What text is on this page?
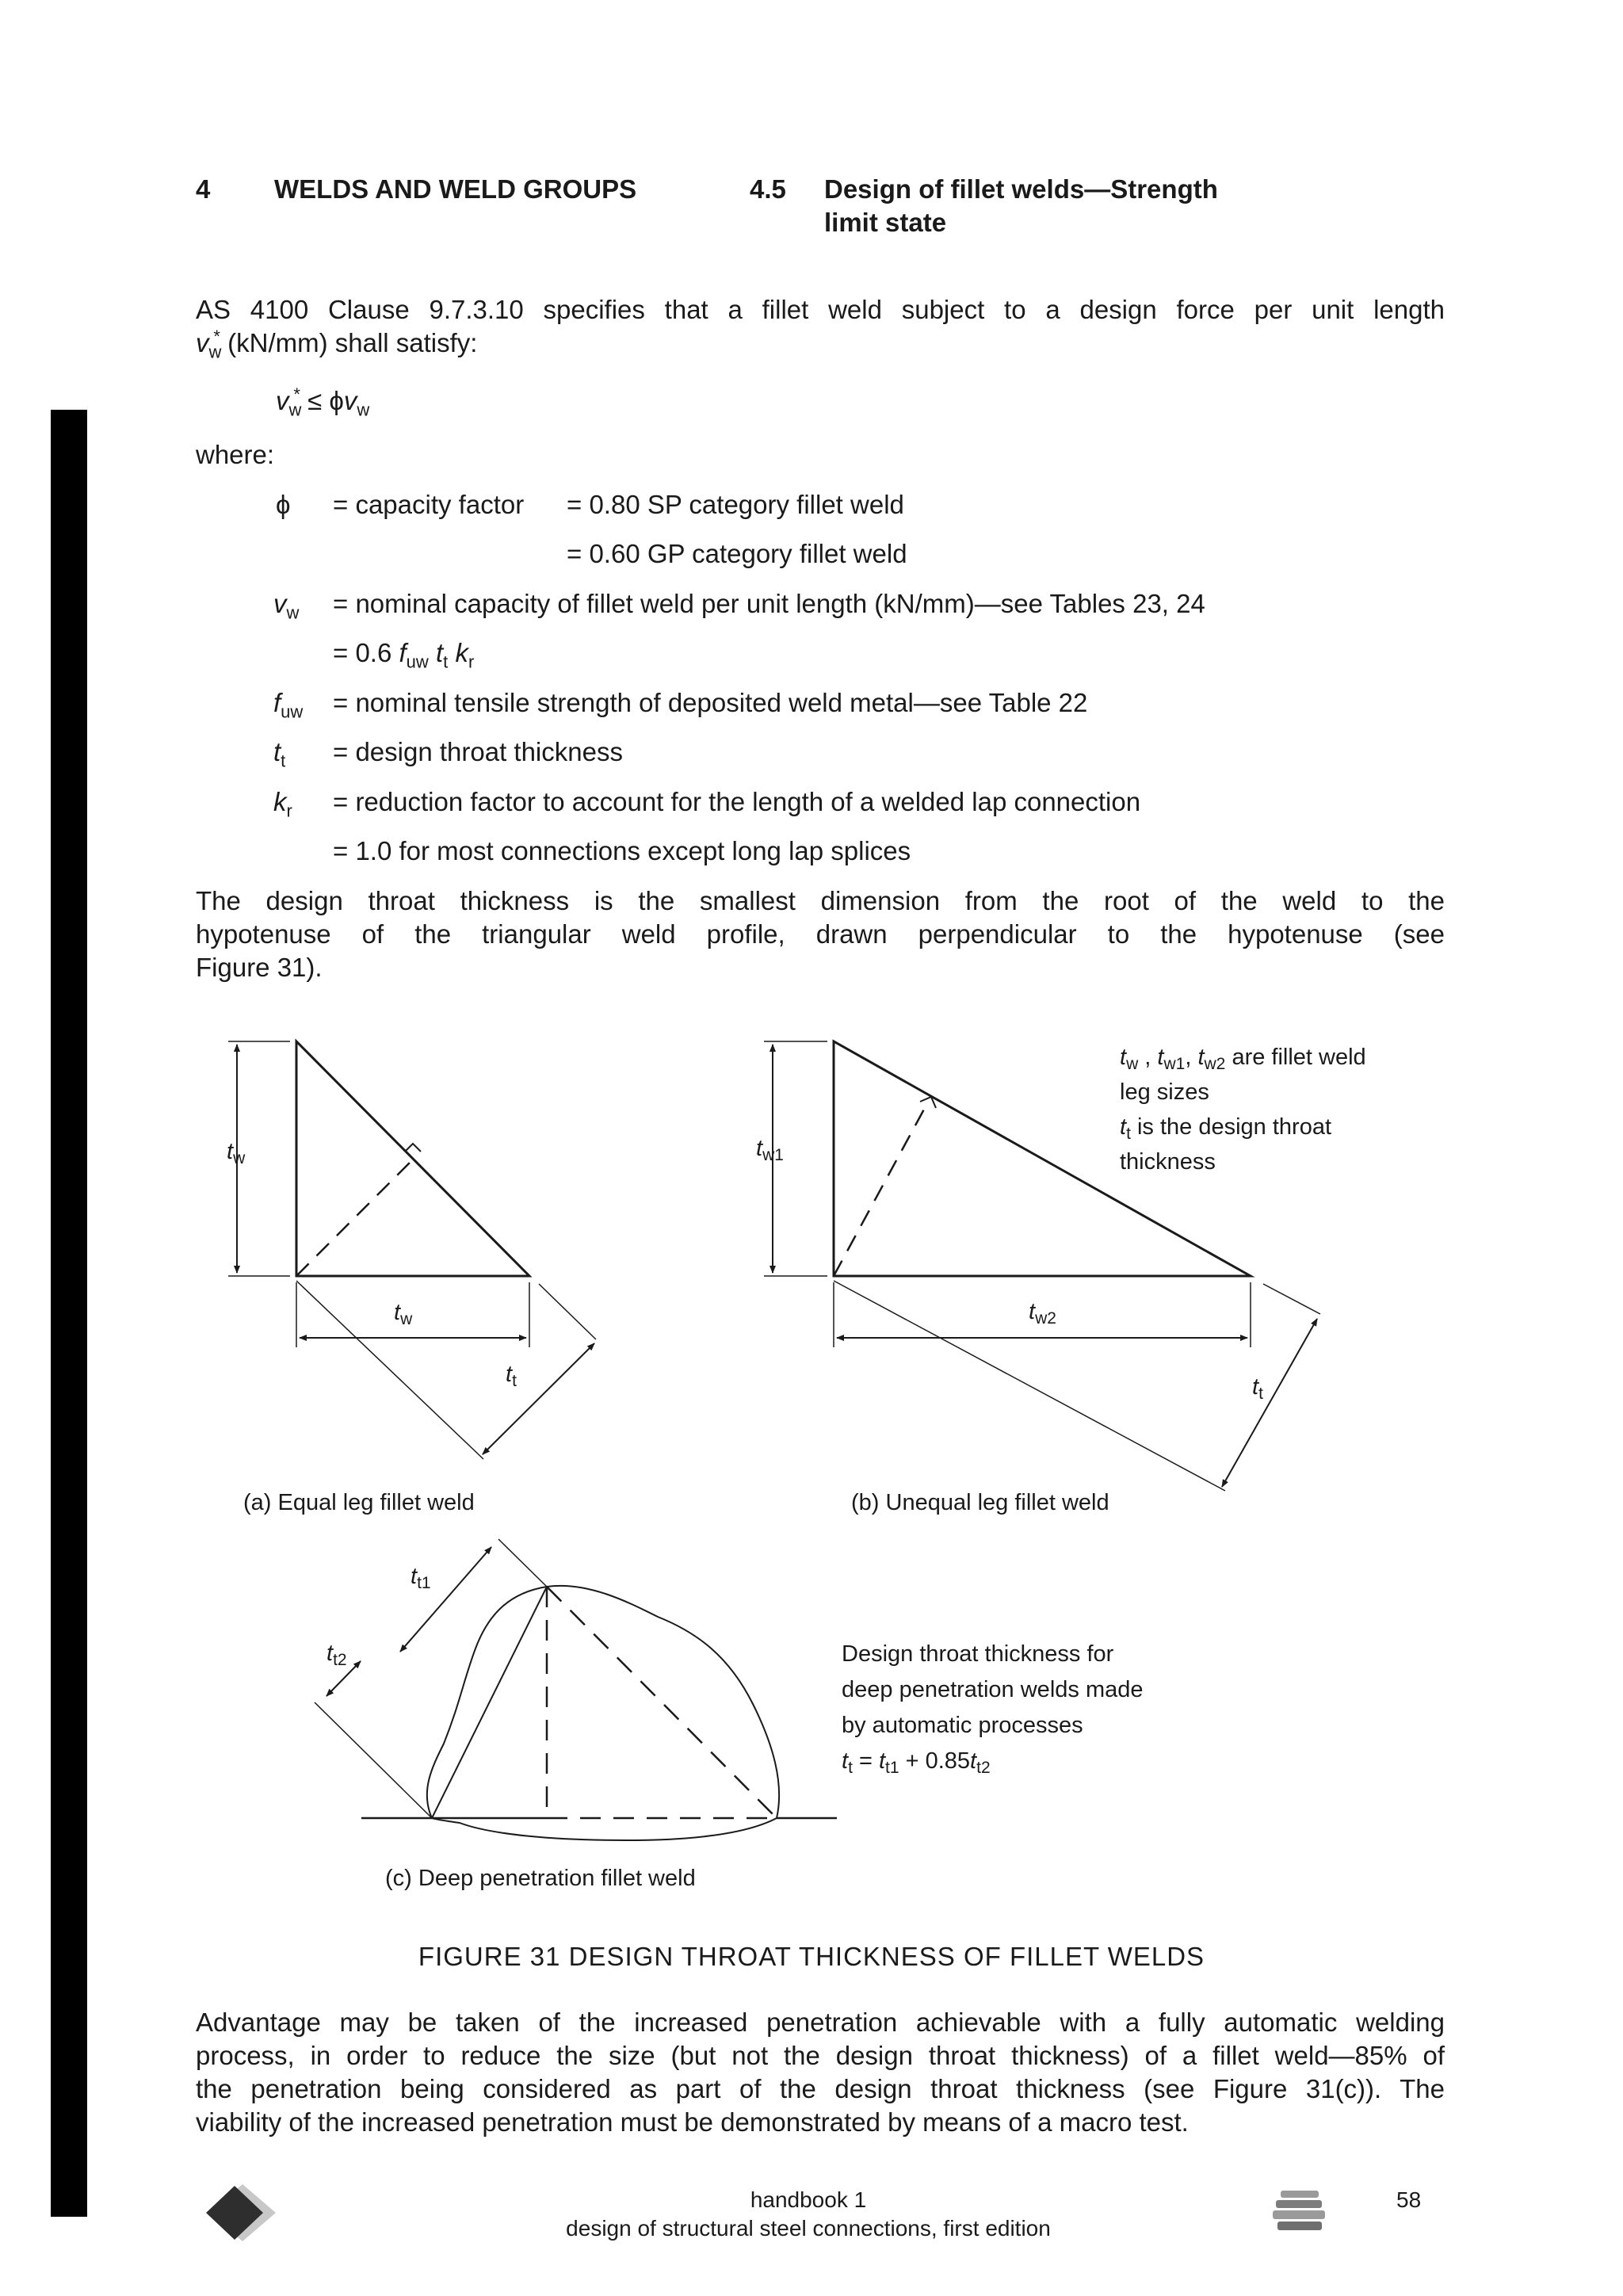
4 WELDS AND WELD GROUPS	4.5 Design of fillet welds—Strength
limit state
AS 4100 Clause 9.7.3.10 specifies that a fillet weld subject to a design force per unit length
$v_w^*$ (kN/mm) shall satisfy:
$v_w^* \le \phi v_w$
where:
ϕ = capacity factor = 0.80 SP category fillet weld
= 0.60 GP category fillet weld
$v_w$ = nominal capacity of fillet weld per unit length (kN/mm)—see Tables 23, 24
= 0.6 $f_{uw}$ $t_t$ $k_r$
$f_{uw}$ = nominal tensile strength of deposited weld metal—see Table 22
$t_t$ = design throat thickness
$k_r$ = reduction factor to account for the length of a welded lap connection
= 1.0 for most connections except long lap splices
The design throat thickness is the smallest dimension from the root of the weld to the
hypotenuse of the triangular weld profile, drawn perpendicular to the hypotenuse (see
Figure 31).
$t_w$
$t_w$
$t_t$
$t_{w1}$
$t_{w2}$
$t_t$
$t_{t1}$
$t_{t2}$
$t_w$ , $t_{w1}$, $t_{w2}$ are fillet weld
leg sizes
$t_t$ is the design throat
thickness
Design throat thickness for
deep penetration welds made
by automatic processes
$t_t = t_{t1} + 0.85t_{t2}$
(a) Equal leg fillet weld	(b) Unequal leg fillet weld
(c) Deep penetration fillet weld
FIGURE 31 DESIGN THROAT THICKNESS OF FILLET WELDS
Advantage may be taken of the increased penetration achievable with a fully automatic welding
process, in order to reduce the size (but not the design throat thickness) of a fillet weld—85% of
the penetration being considered as part of the design throat thickness (see Figure 31(c)). The
viability of the increased penetration must be demonstrated by means of a macro test.
handbook 1
design of structural steel connections, first edition
58
